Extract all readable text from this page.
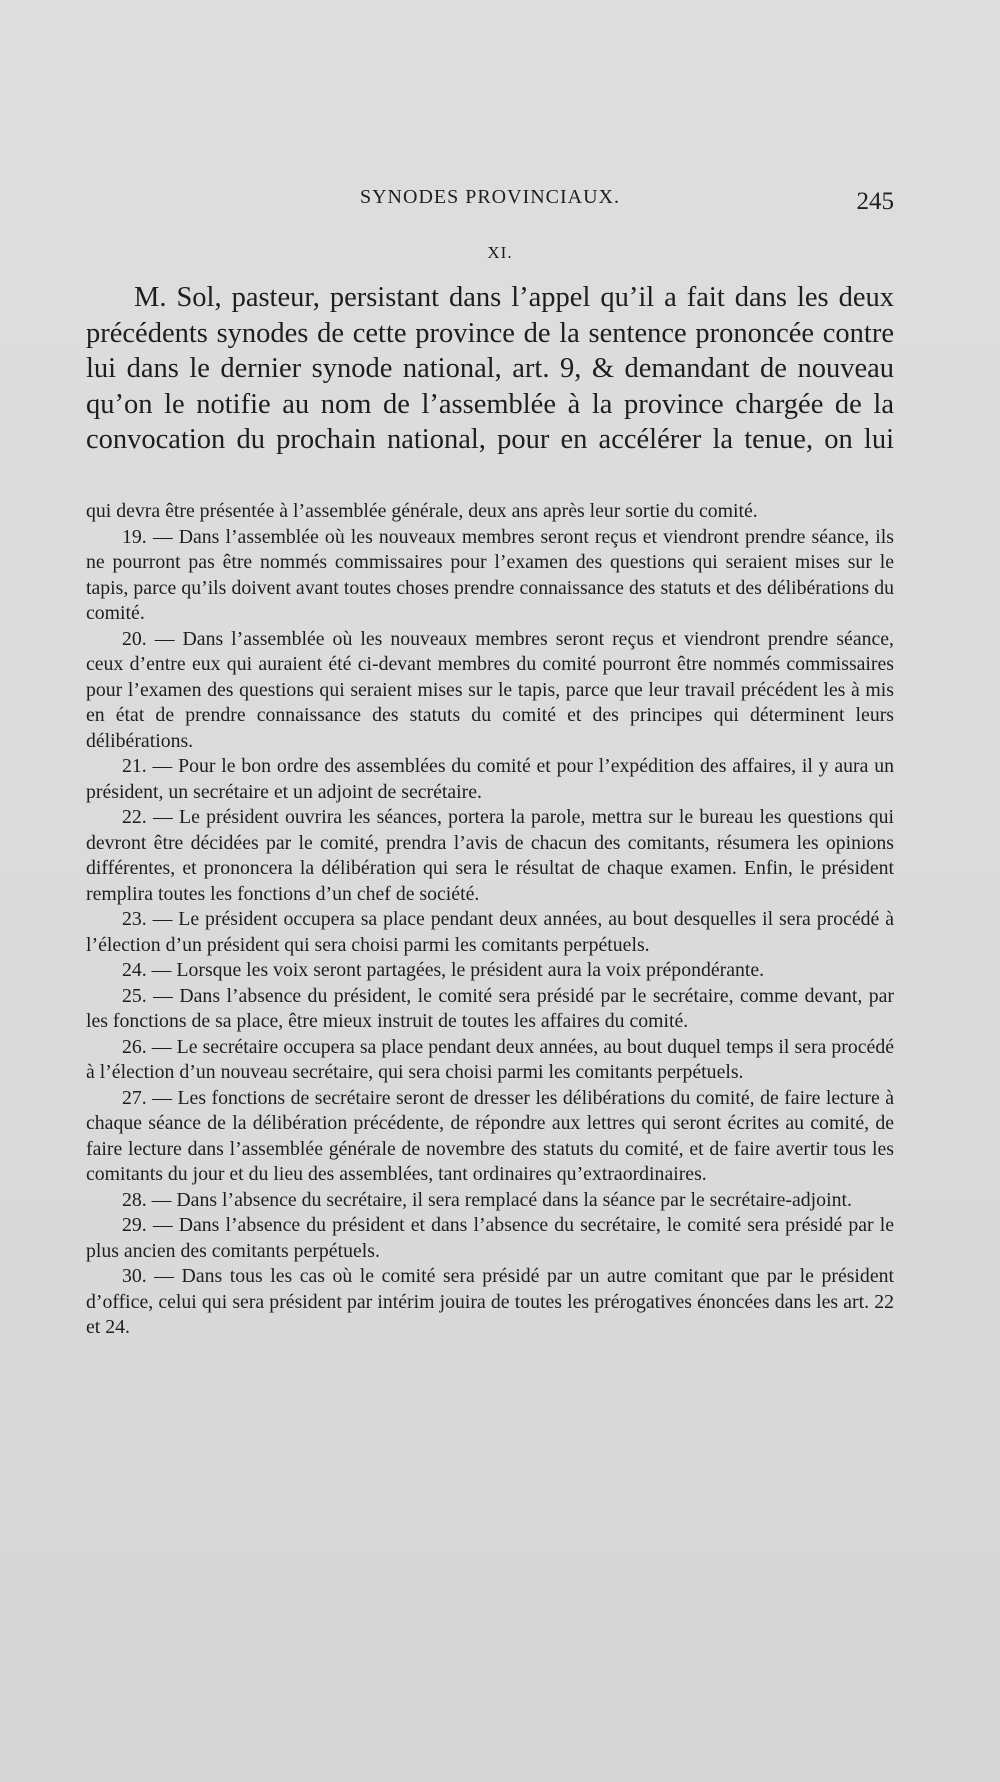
SYNODES PROVINCIAUX.	245
XI.

M. Sol, pasteur, persistant dans l’appel qu’il a fait dans les deux précédents synodes de cette province de la sentence prononcée contre lui dans le dernier synode national, art. 9, & demandant de nouveau qu’on le notifie au nom de l’assemblée à la province chargée de la convocation du prochain national, pour en accélérer la tenue, on lui

qui devra être présentée à l’assemblée générale, deux ans après leur sortie du comité.

19. — Dans l’assemblée où les nouveaux membres seront reçus et viendront prendre séance, ils ne pourront pas être nommés commissaires pour l’examen des questions qui seraient mises sur le tapis, parce qu’ils doivent avant toutes choses prendre connaissance des statuts et des délibérations du comité.

20. — Dans l’assemblée où les nouveaux membres seront reçus et viendront prendre séance, ceux d’entre eux qui auraient été ci-devant membres du comité pourront être nommés commissaires pour l’examen des questions qui seraient mises sur le tapis, parce que leur travail précédent les à mis en état de prendre connaissance des statuts du comité et des principes qui déterminent leurs délibérations.

21. — Pour le bon ordre des assemblées du comité et pour l’expédition des affaires, il y aura un président, un secrétaire et un adjoint de secrétaire.

22. — Le président ouvrira les séances, portera la parole, mettra sur le bureau les questions qui devront être décidées par le comité, prendra l’avis de chacun des comitants, résumera les opinions différentes, et prononcera la délibération qui sera le résultat de chaque examen. Enfin, le président remplira toutes les fonctions d’un chef de société.

23. — Le président occupera sa place pendant deux années, au bout desquelles il sera procédé à l’élection d’un président qui sera choisi parmi les comitants perpétuels.

24. — Lorsque les voix seront partagées, le président aura la voix prépondérante.

25. — Dans l’absence du président, le comité sera présidé par le secrétaire, comme devant, par les fonctions de sa place, être mieux instruit de toutes les affaires du comité.

26. — Le secrétaire occupera sa place pendant deux années, au bout duquel temps il sera procédé à l’élection d’un nouveau secrétaire, qui sera choisi parmi les comitants perpétuels.

27. — Les fonctions de secrétaire seront de dresser les délibérations du comité, de faire lecture à chaque séance de la délibération précédente, de répondre aux lettres qui seront écrites au comité, de faire lecture dans l’assemblée générale de novembre des statuts du comité, et de faire avertir tous les comitants du jour et du lieu des assemblées, tant ordinaires qu’extraordinaires.

28. — Dans l’absence du secrétaire, il sera remplacé dans la séance par le secrétaire-adjoint.

29. — Dans l’absence du président et dans l’absence du secrétaire, le comité sera présidé par le plus ancien des comitants perpétuels.

30. — Dans tous les cas où le comité sera présidé par un autre comitant que par le président d’office, celui qui sera président par intérim jouira de toutes les prérogatives énoncées dans les art. 22 et 24.
